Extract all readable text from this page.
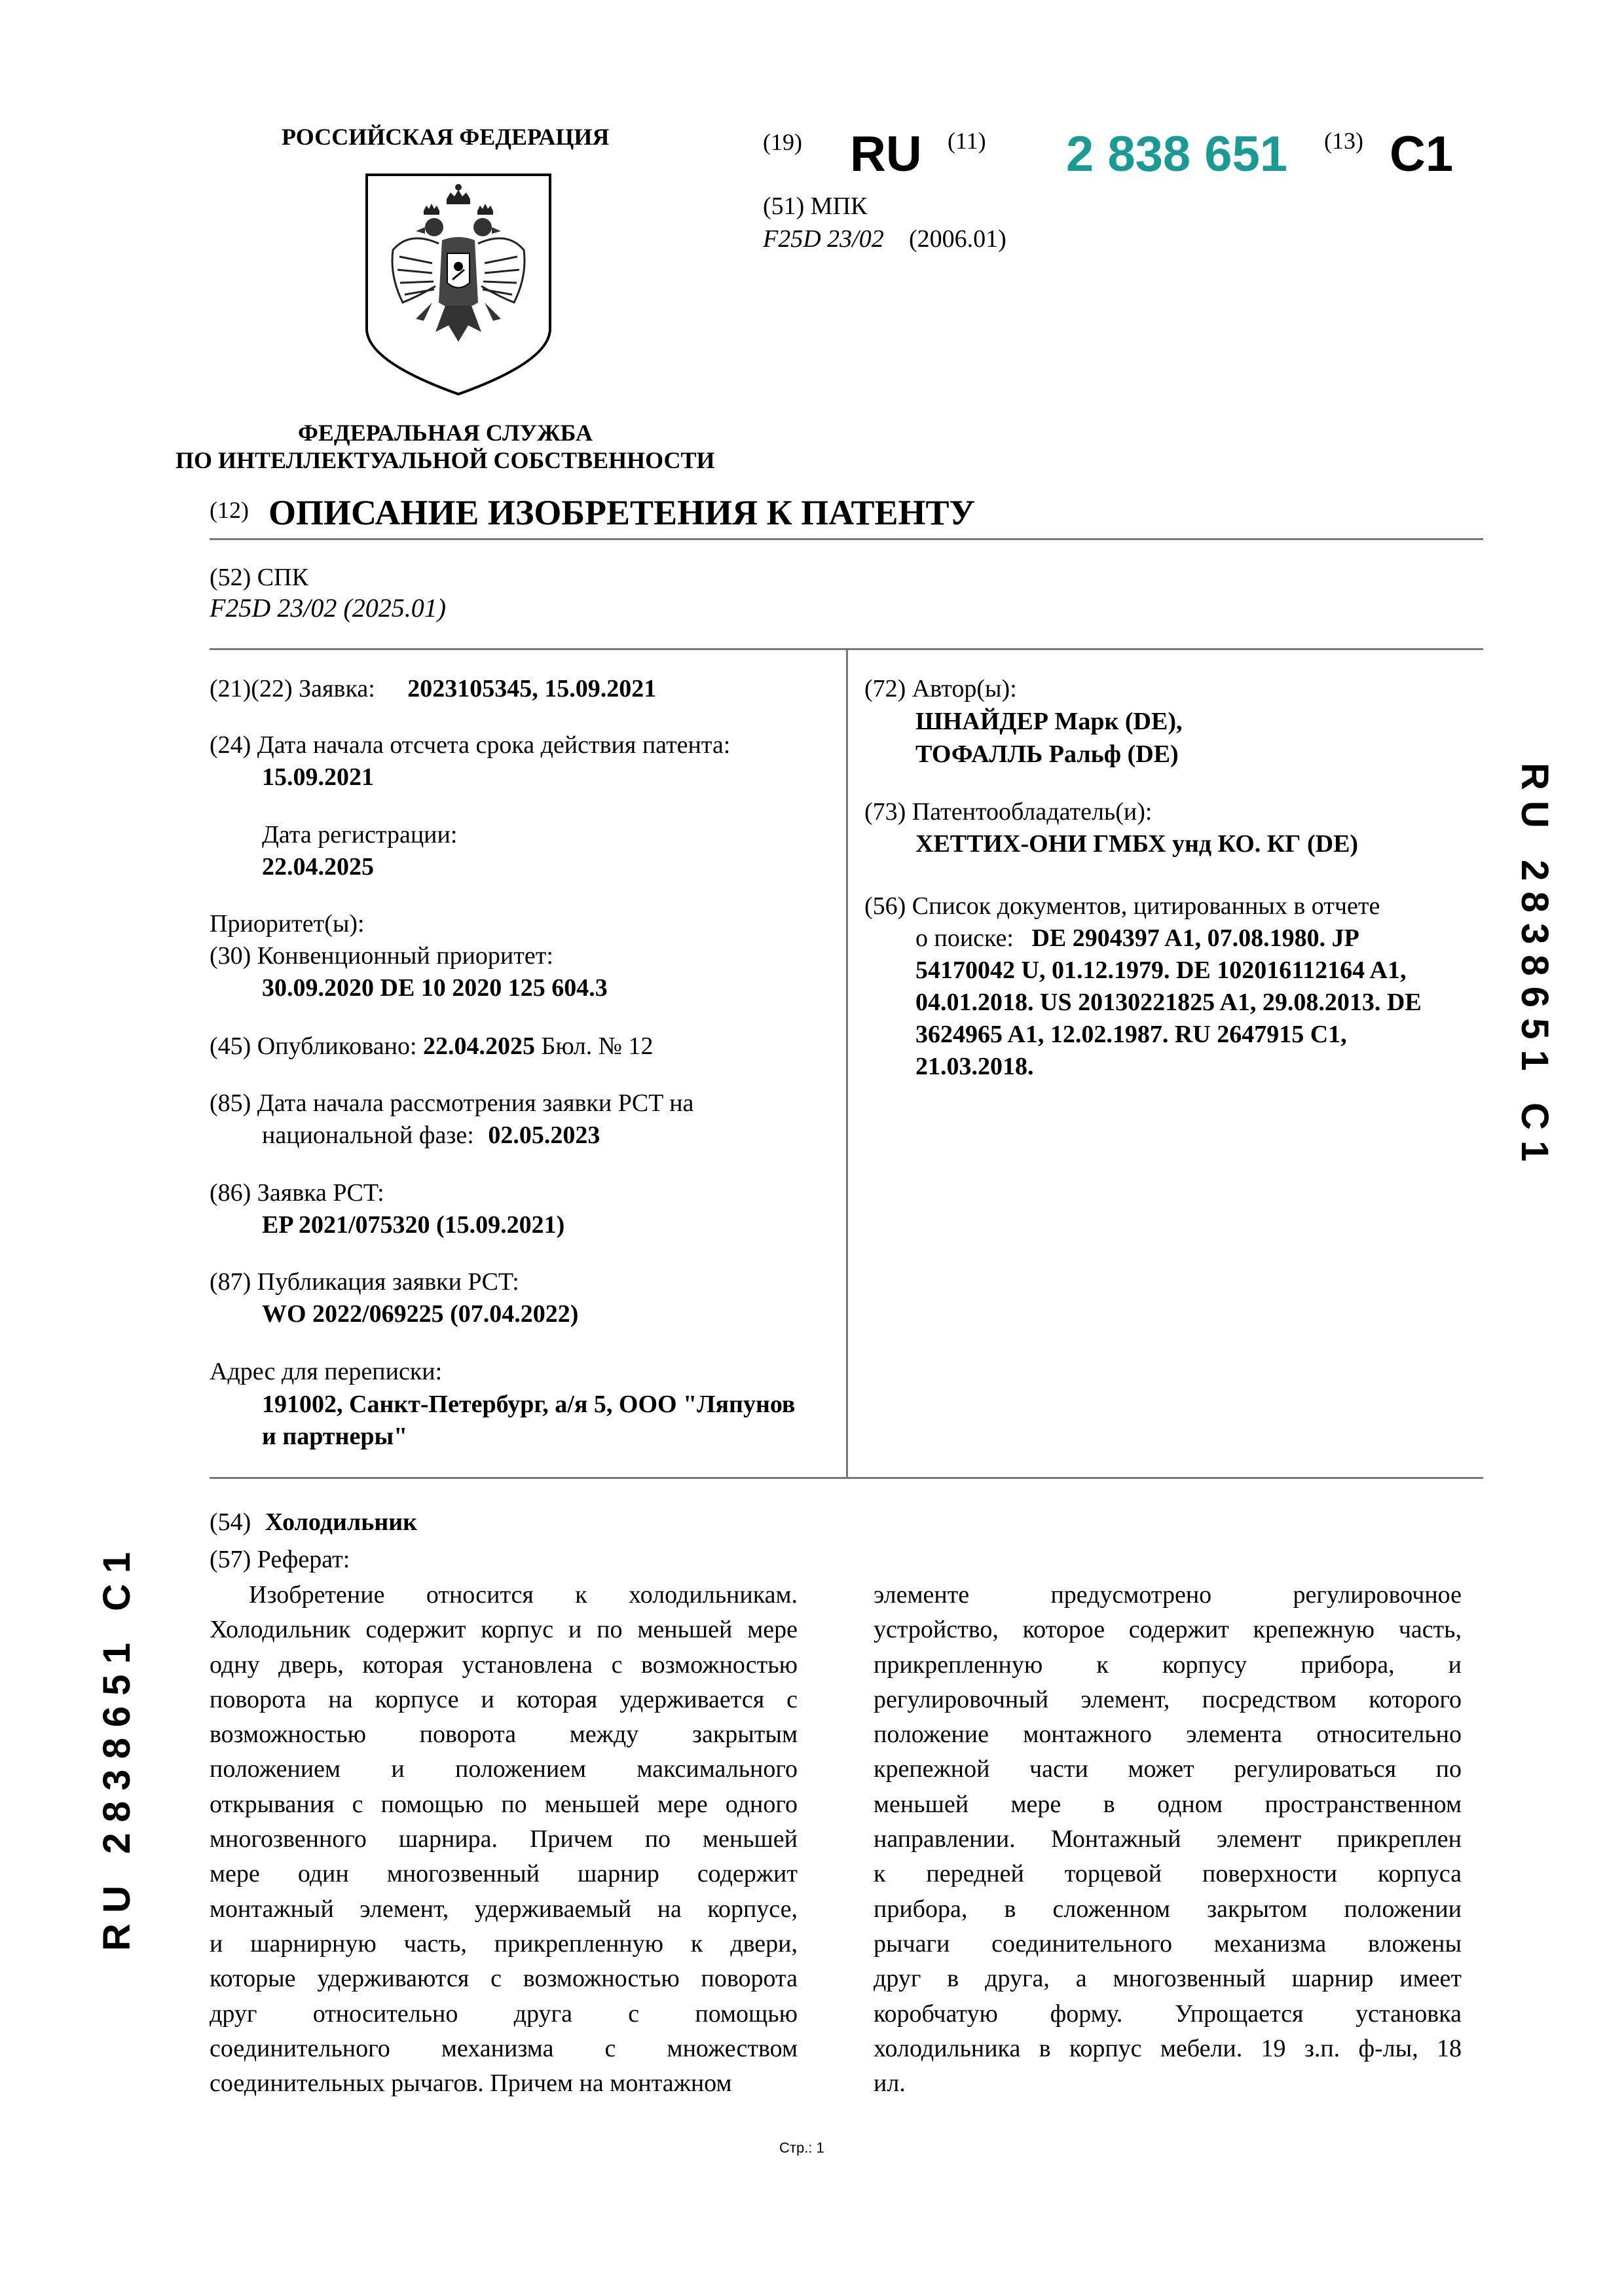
РОССИЙСКАЯ ФЕДЕРАЦИЯ
ФЕДЕРАЛЬНАЯ СЛУЖБА
ПО ИНТЕЛЛЕКТУАЛЬНОЙ СОБСТВЕННОСТИ
(19) RU (11) 2 838 651 (13) C1
(51) МПК
F25D 23/02 (2006.01)
(12) ОПИСАНИЕ ИЗОБРЕТЕНИЯ К ПАТЕНТУ
(52) СПК
F25D 23/02 (2025.01)
(21)(22) Заявка: 2023105345, 15.09.2021
(24) Дата начала отсчета срока действия патента:
15.09.2021
Дата регистрации:
22.04.2025
Приоритет(ы):
(30) Конвенционный приоритет:
30.09.2020 DE 10 2020 125 604.3
(45) Опубликовано: 22.04.2025 Бюл. № 12
(85) Дата начала рассмотрения заявки PCT на
национальной фазе: 02.05.2023
(86) Заявка PCT:
EP 2021/075320 (15.09.2021)
(87) Публикация заявки PCT:
WO 2022/069225 (07.04.2022)
Адрес для переписки:
191002, Санкт-Петербург, а/я 5, ООО "Ляпунов
и партнеры"
(72) Автор(ы):
ШНАЙДЕР Марк (DE),
ТОФАЛЛЬ Ральф (DE)
(73) Патентообладатель(и):
ХЕТТИХ-ОНИ ГМБХ унд КО. КГ (DE)
(56) Список документов, цитированных в отчете
о поиске: DE 2904397 A1, 07.08.1980. JP
54170042 U, 01.12.1979. DE 102016112164 A1,
04.01.2018. US 20130221825 A1, 29.08.2013. DE
3624965 A1, 12.02.1987. RU 2647915 C1,
21.03.2018.
(54) Холодильник
(57) Реферат:
Изобретение относится к холодильникам.
Холодильник содержит корпус и по меньшей мере
одну дверь, которая установлена с возможностью
поворота на корпусе и которая удерживается с
возможностью поворота между закрытым
положением и положением максимального
открывания с помощью по меньшей мере одного
многозвенного шарнира. Причем по меньшей
мере один многозвенный шарнир содержит
монтажный элемент, удерживаемый на корпусе,
и шарнирную часть, прикрепленную к двери,
которые удерживаются с возможностью поворота
друг относительно друга с помощью
соединительного механизма с множеством
соединительных рычагов. Причем на монтажном
элементе предусмотрено регулировочное
устройство, которое содержит крепежную часть,
прикрепленную к корпусу прибора, и
регулировочный элемент, посредством которого
положение монтажного элемента относительно
крепежной части может регулироваться по
меньшей мере в одном пространственном
направлении. Монтажный элемент прикреплен
к передней торцевой поверхности корпуса
прибора, в сложенном закрытом положении
рычаги соединительного механизма вложены
друг в друга, а многозвенный шарнир имеет
коробчатую форму. Упрощается установка
холодильника в корпус мебели. 19 з.п. ф-лы, 18
ил.
R U   2 8 3 8 6 5 1   C 1
R U   2 8 3 8 6 5 1   C 1
Стр.: 1
